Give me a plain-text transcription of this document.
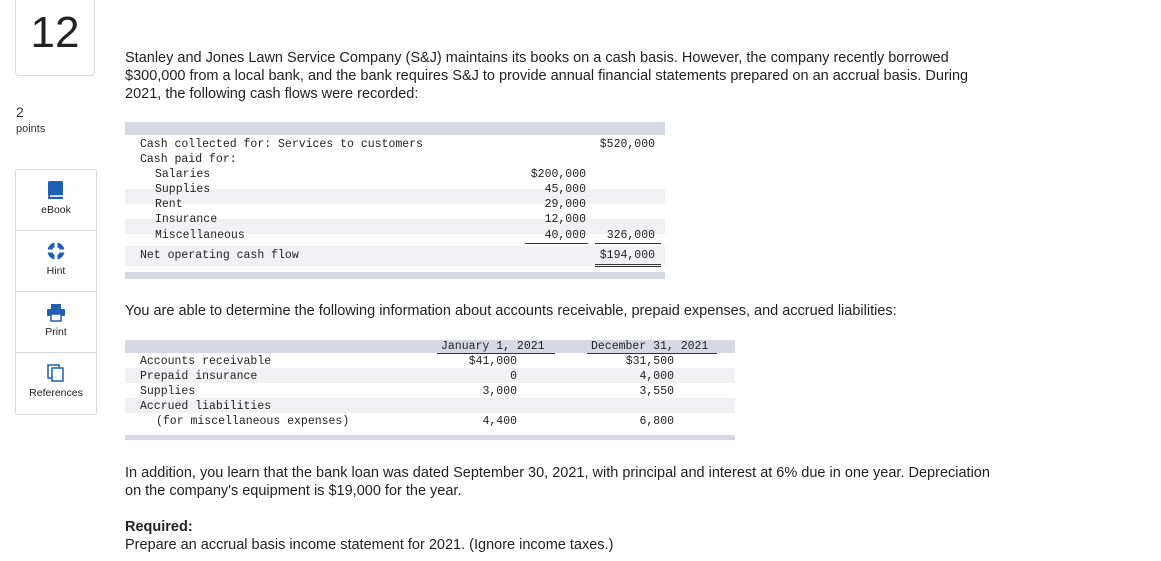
12
2
points
eBook
Hint
Print
References
Stanley and Jones Lawn Service Company (S&J) maintains its books on a cash basis. However, the company recently borrowed
$300,000 from a local bank, and the bank requires S&J to provide annual financial statements prepared on an accrual basis. During
2021, the following cash flows were recorded:
Cash collected for: Services to customers	$520,000
Cash paid for:
Salaries	$200,000
Supplies	45,000
Rent	29,000
Insurance	12,000
Miscellaneous	40,000 326,000
Net operating cash flow	$194,000
You are able to determine the following information about accounts receivable, prepaid expenses, and accrued liabilities:
January 1, 2021	December 31, 2021
Accounts receivable	$41,000	$31,500
Prepaid insurance	0	4,000
Supplies	3,000	3,550
Accrued liabilities
(for miscellaneous expenses)	4,400	6,800
In addition, you learn that the bank loan was dated September 30, 2021, with principal and interest at 6% due in one year. Depreciation
on the company's equipment is $19,000 for the year.
Required:
Prepare an accrual basis income statement for 2021. (Ignore income taxes.)
